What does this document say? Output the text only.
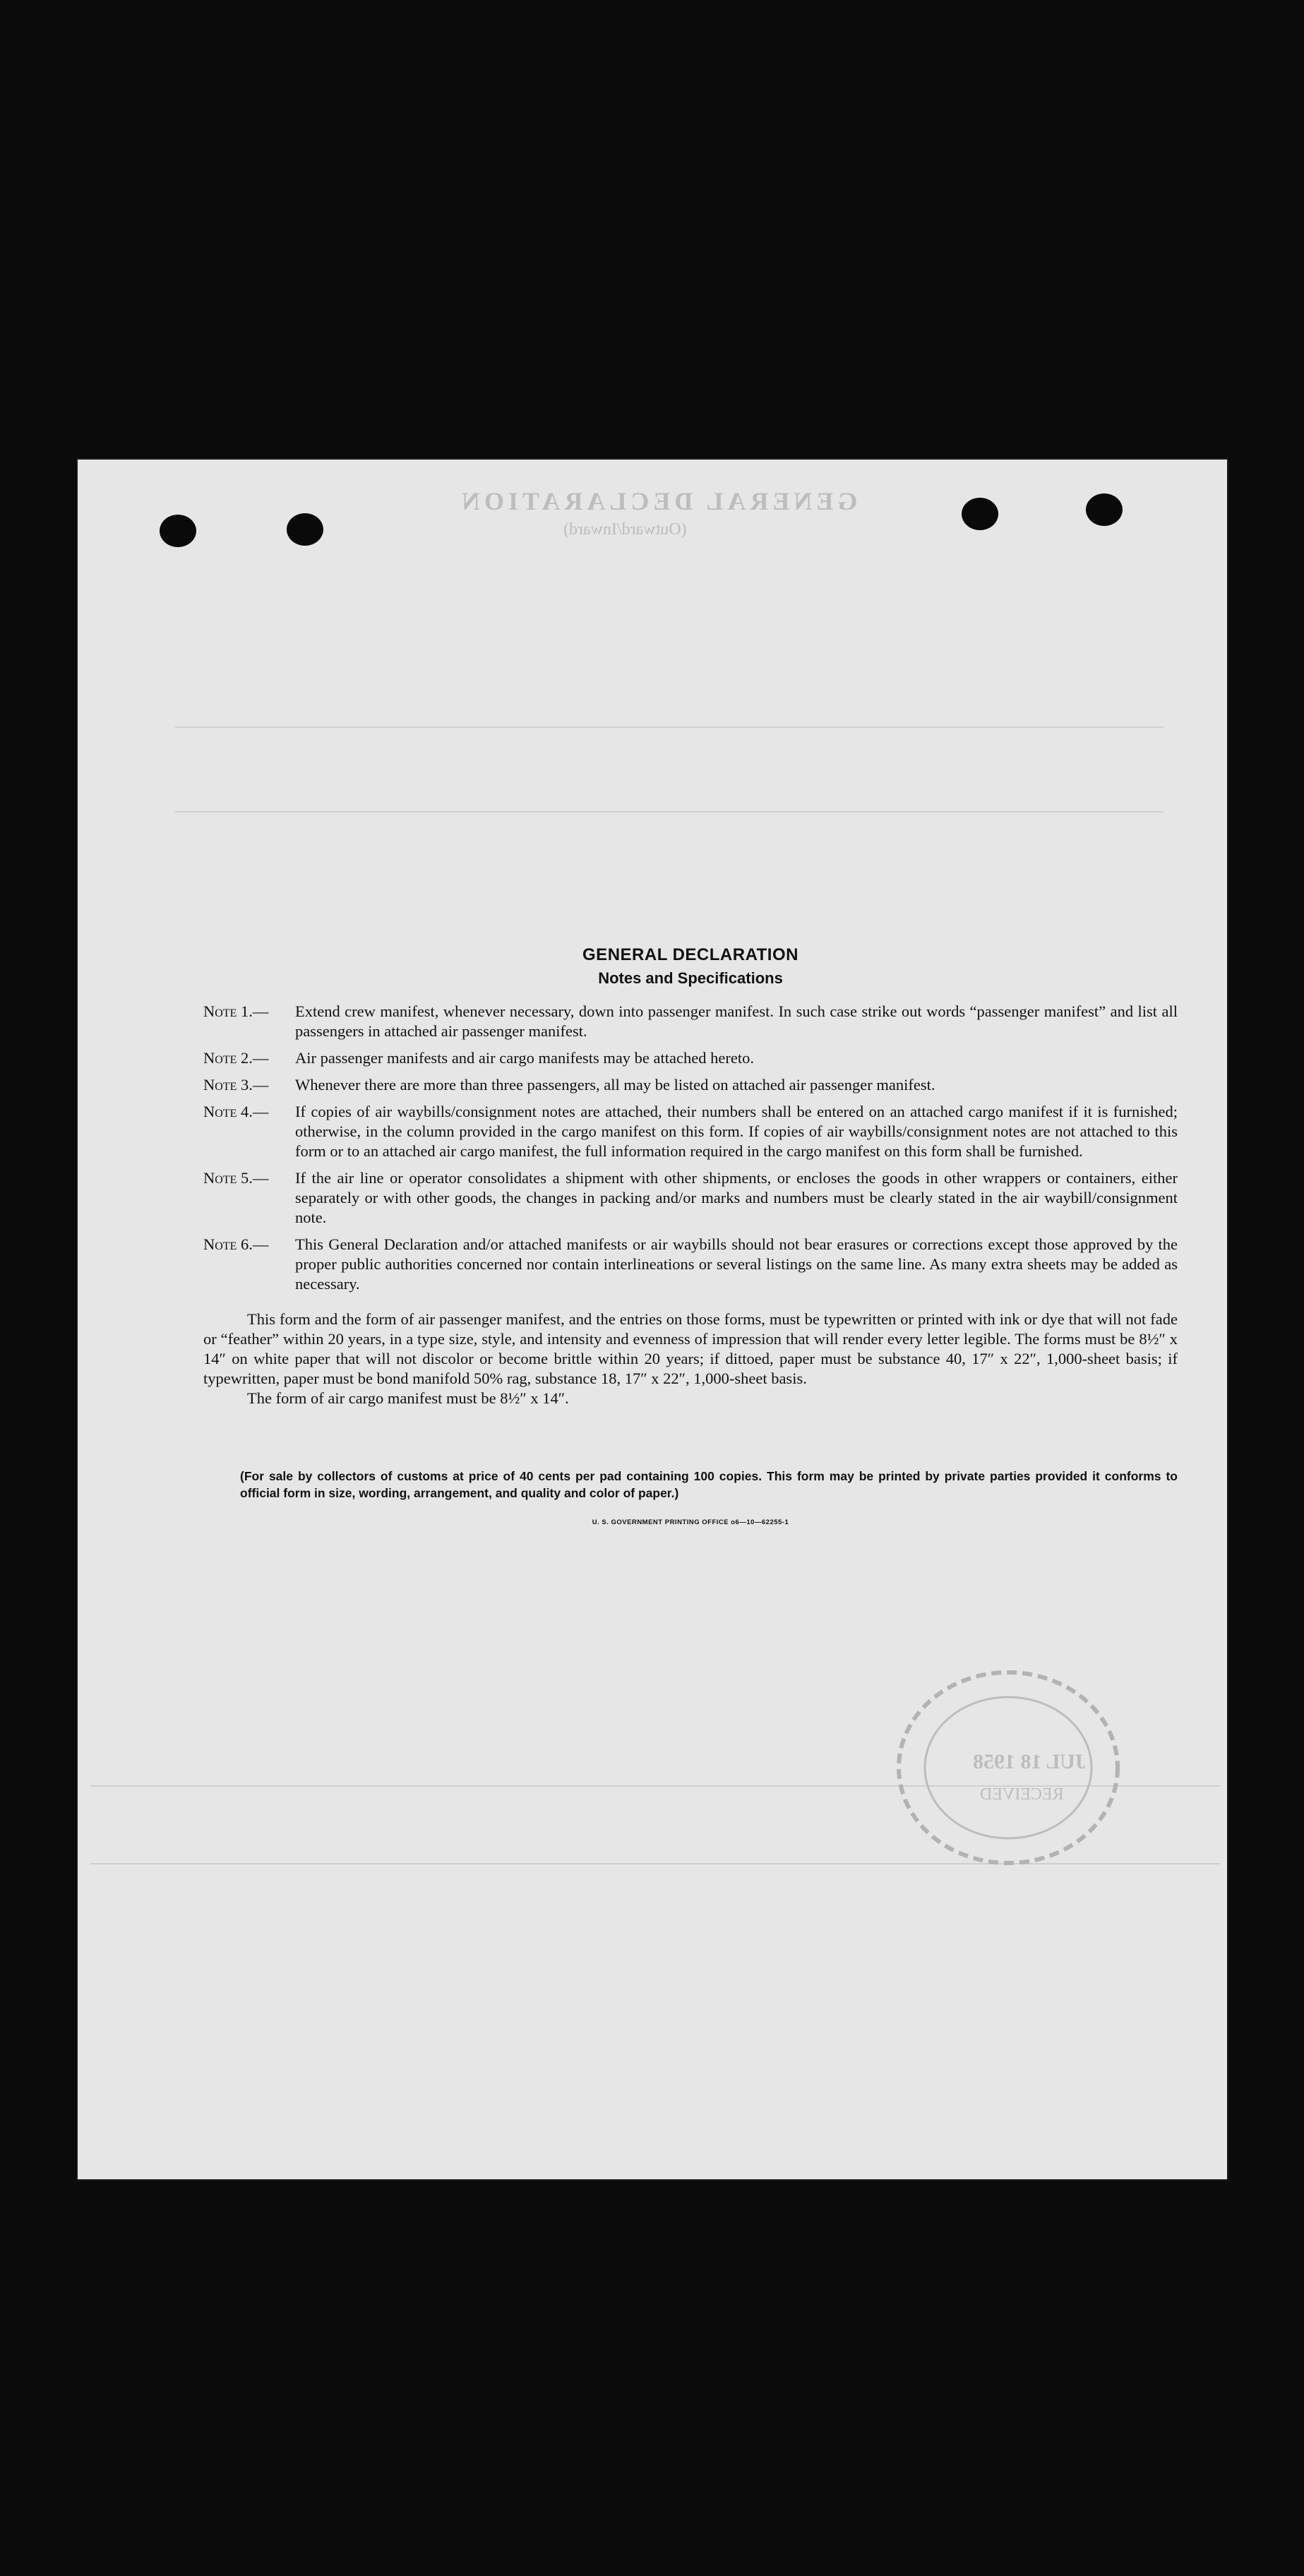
GENERAL DECLARATION
(Outward/Inward)
JUL 18 1958
RECEIVED
GENERAL DECLARATION
Notes and Specifications
Note 1.—	Extend crew manifest, whenever necessary, down into passenger manifest. In such case strike out words “passenger manifest” and list all passengers in attached air passenger manifest.
Note 2.—	Air passenger manifests and air cargo manifests may be attached hereto.
Note 3.—	Whenever there are more than three passengers, all may be listed on attached air passenger manifest.
Note 4.—	If copies of air waybills/consignment notes are attached, their numbers shall be entered on an attached cargo manifest if it is furnished; otherwise, in the column provided in the cargo manifest on this form. If copies of air waybills/consignment notes are not attached to this form or to an attached air cargo manifest, the full information required in the cargo manifest on this form shall be furnished.
Note 5.—	If the air line or operator consolidates a shipment with other shipments, or encloses the goods in other wrappers or containers, either separately or with other goods, the changes in packing and/or marks and numbers must be clearly stated in the air waybill/consignment note.
Note 6.—	This General Declaration and/or attached manifests or air waybills should not bear erasures or corrections except those approved by the proper public authorities concerned nor contain interlineations or several listings on the same line. As many extra sheets may be added as necessary.
This form and the form of air passenger manifest, and the entries on those forms, must be typewritten or printed with ink or dye that will not fade or “feather” within 20 years, in a type size, style, and intensity and evenness of impression that will render every letter legible. The forms must be 8½″ x 14″ on white paper that will not discolor or become brittle within 20 years; if dittoed, paper must be substance 40, 17″ x 22″, 1,000-sheet basis; if typewritten, paper must be bond manifold 50% rag, substance 18, 17″ x 22″, 1,000-sheet basis.
The form of air cargo manifest must be 8½″ x 14″.
(For sale by collectors of customs at price of 40 cents per pad containing 100 copies. This form may be printed by private parties provided it conforms to official form in size, wording, arrangement, and quality and color of paper.)
U. S. GOVERNMENT PRINTING OFFICE o6—10—62255-1
